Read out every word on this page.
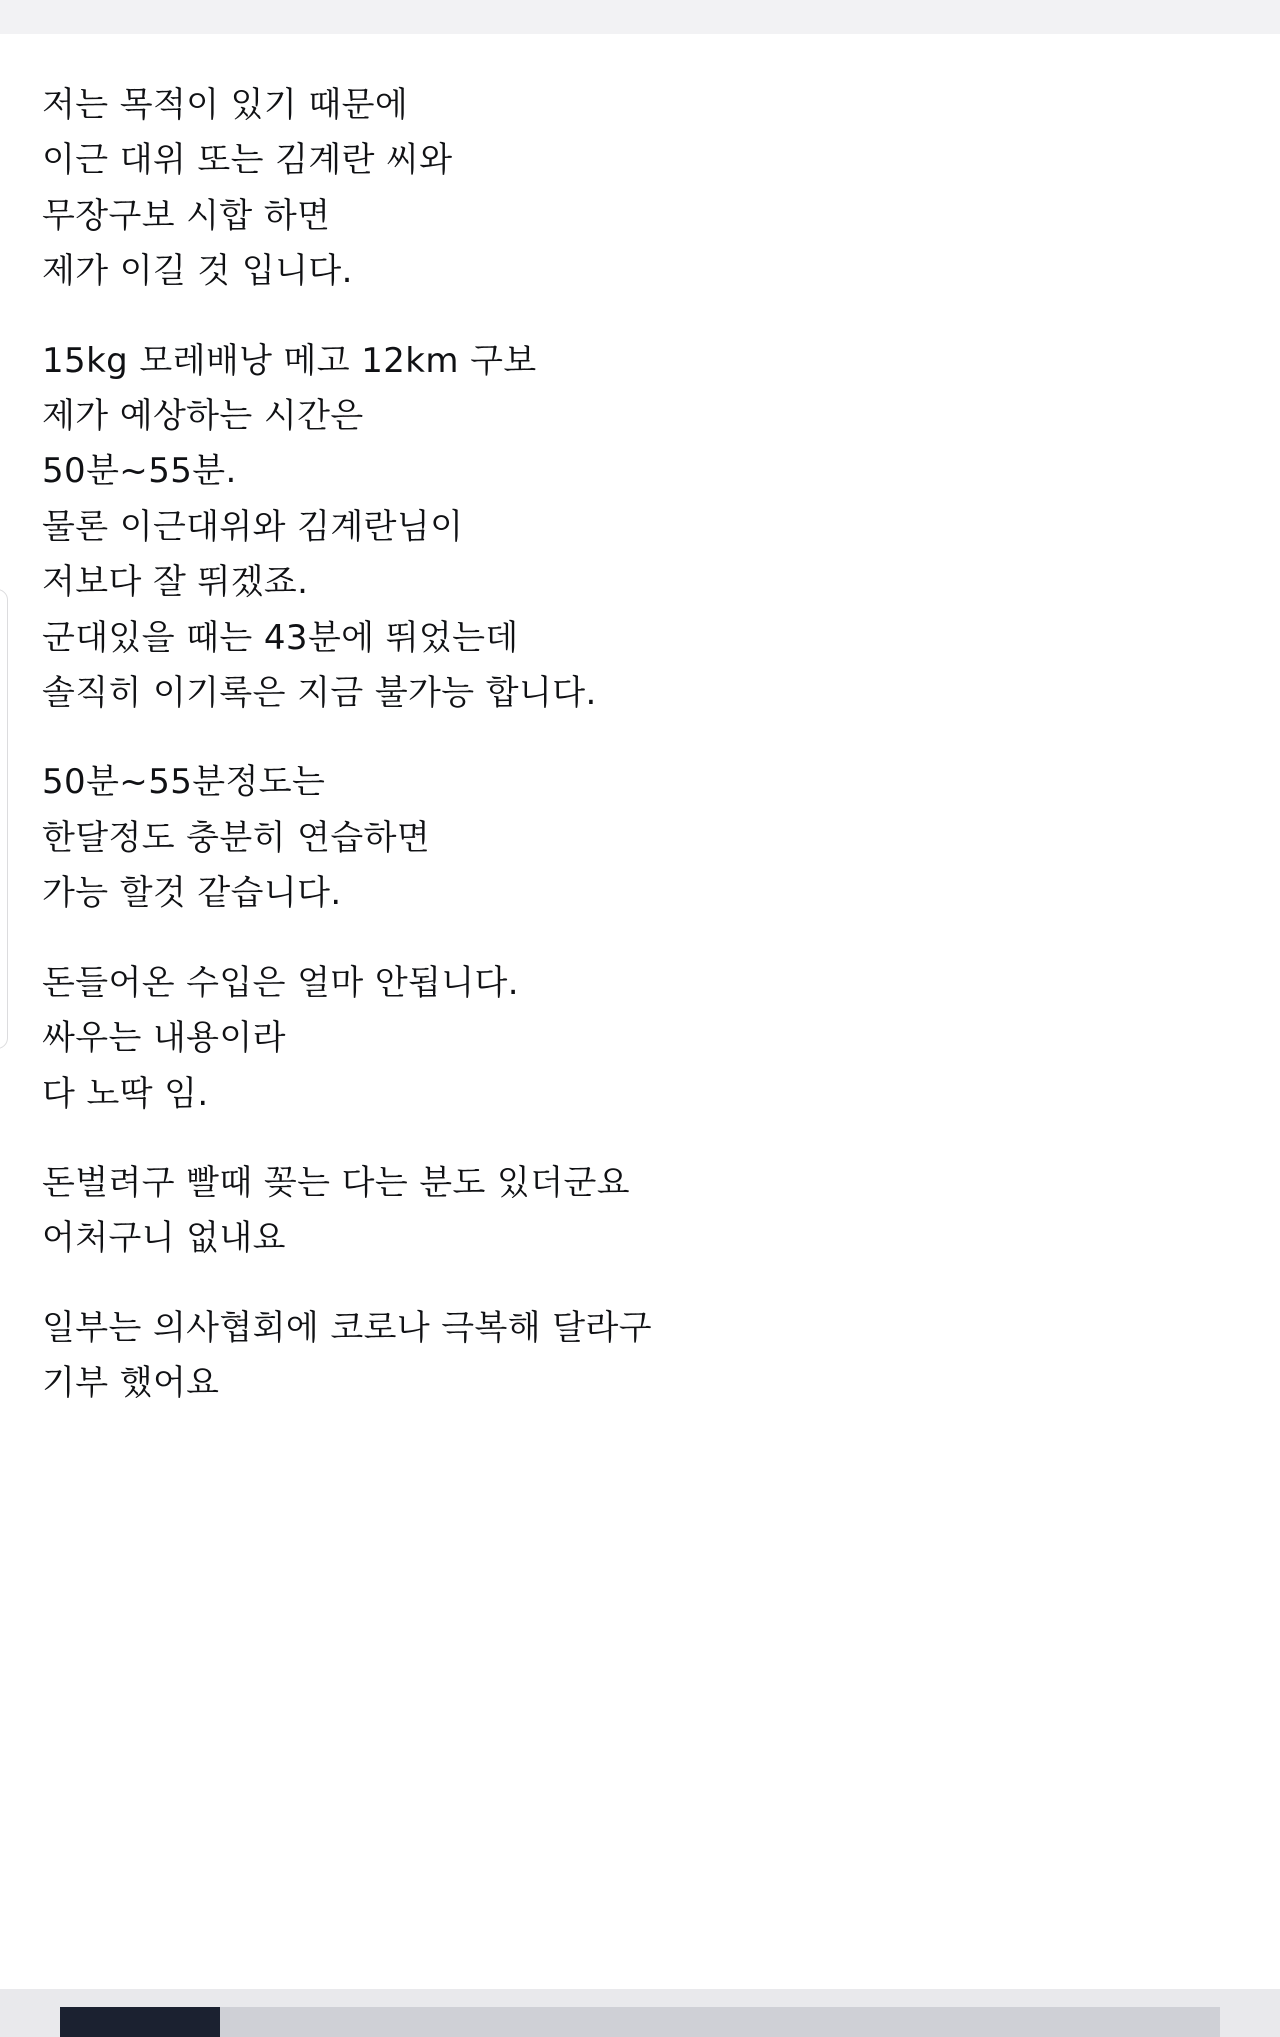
저는 목적이 있기 때문에
이근 대위 또는 김계란 씨와
무장구보 시합 하면
제가 이길 것 입니다.
15kg 모레배낭 메고 12km 구보
제가 예상하는 시간은
50분~55분.
물론 이근대위와 김계란님이
저보다 잘 뛰겠죠.
군대있을 때는 43분에 뛰었는데
솔직히 이기록은 지금 불가능 합니다.
50분~55분정도는
한달정도 충분히 연습하면
가능 할것 같습니다.
돈들어온 수입은 얼마 안됩니다.
싸우는 내용이라
다 노딱 임.
돈벌려구 빨때 꽂는 다는 분도 있더군요
어처구니 없내요
일부는 의사협회에 코로나 극복해 달라구
기부 했어요
